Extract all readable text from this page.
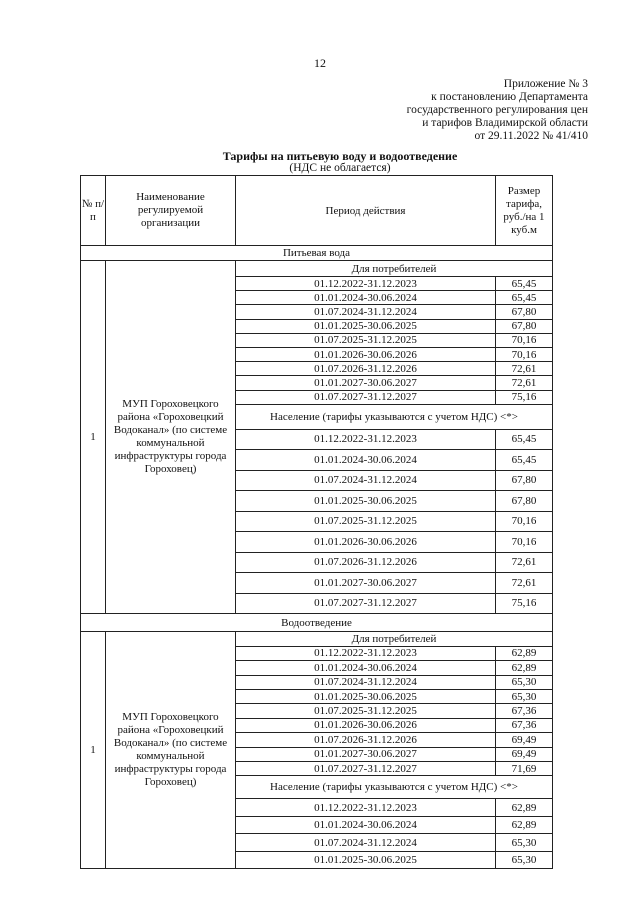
12
Приложение № 3
к постановлению Департамента
государственного регулирования цен
и тарифов Владимирской области
от 29.11.2022 № 41/410
Тарифы на питьевую воду и водоотведение
(НДС не облагается)
№ п/п	Наименование регулируемой организации	Период действия	Размер тарифа, руб./на 1 куб.м
Питьевая вода			
1	МУП Гороховецкого района «Гороховецкий Водоканал» (по системе коммунальной инфраструктуры города Гороховец)	Для потребителей	
		01.12.2022-31.12.2023	65,45
		01.01.2024-30.06.2024	65,45
		01.07.2024-31.12.2024	67,80
		01.01.2025-30.06.2025	67,80
		01.07.2025-31.12.2025	70,16
		01.01.2026-30.06.2026	70,16
		01.07.2026-31.12.2026	72,61
		01.01.2027-30.06.2027	72,61
		01.07.2027-31.12.2027	75,16
		Население (тарифы указываются с учетом НДС) <*>	
		01.12.2022-31.12.2023	65,45
		01.01.2024-30.06.2024	65,45
		01.07.2024-31.12.2024	67,80
		01.01.2025-30.06.2025	67,80
		01.07.2025-31.12.2025	70,16
		01.01.2026-30.06.2026	70,16
		01.07.2026-31.12.2026	72,61
		01.01.2027-30.06.2027	72,61
		01.07.2027-31.12.2027	75,16
Водоотведение			
1	МУП Гороховецкого района «Гороховецкий Водоканал» (по системе коммунальной инфраструктуры города Гороховец)	Для потребителей	
		01.12.2022-31.12.2023	62,89
		01.01.2024-30.06.2024	62,89
		01.07.2024-31.12.2024	65,30
		01.01.2025-30.06.2025	65,30
		01.07.2025-31.12.2025	67,36
		01.01.2026-30.06.2026	67,36
		01.07.2026-31.12.2026	69,49
		01.01.2027-30.06.2027	69,49
		01.07.2027-31.12.2027	71,69
		Население (тарифы указываются с учетом НДС) <*>	
		01.12.2022-31.12.2023	62,89
		01.01.2024-30.06.2024	62,89
		01.07.2024-31.12.2024	65,30
		01.01.2025-30.06.2025	65,30
